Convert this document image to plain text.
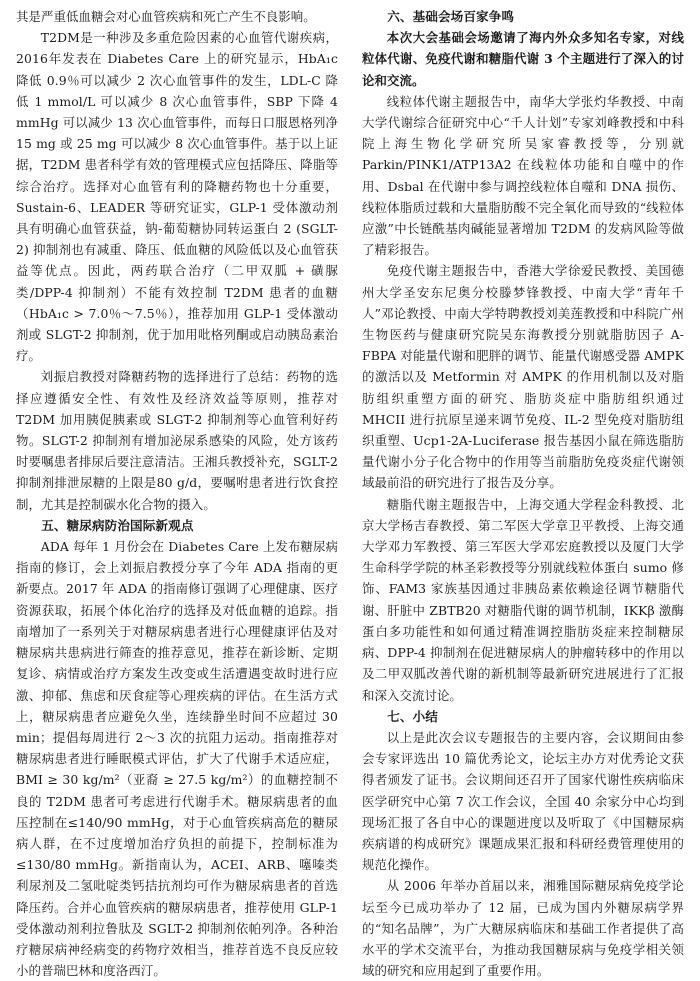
其是严重低血糖会对心血管疾病和死亡产生不良影响。

T2DM是一种涉及多重危险因素的心血管代谢疾病，2016年发表在 Diabetes Care 上的研究显示，HbA₁c 降低 0.9％可以减少 2 次心血管事件的发生，LDL-C 降低 1 mmol/L 可以减少 8 次心血管事件，SBP 下降 4 mmHg 可以减少 13 次心血管事件，而每日口服恩格列净 15 mg 或 25 mg 可以减少 8 次心血管事件。基于以上证据，T2DM 患者科学有效的管理模式应包括降压、降脂等综合治疗。选择对心血管有利的降糖药物也十分重要，Sustain-6、LEADER 等研究证实，GLP-1 受体激动剂具有明确心血管获益，钠-葡萄糖协同转运蛋白 2 (SGLT-2) 抑制剂也有减重、降压、低血糖的风险低以及心血管获益等优点。因此，两药联合治疗（二甲双胍 + 磺脲类/DPP-4 抑制剂）不能有效控制 T2DM 患者的血糖（HbA₁c > 7.0％～7.5％），推荐加用 GLP-1 受体激动剂或 SLGT-2 抑制剂，优于加用吡格列酮或启动胰岛素治疗。

刘振启教授对降糖药物的选择进行了总结：药物的选择应遵循安全性、有效性及经济效益等原则，推荐对 T2DM 加用胰促胰素或 SLGT-2 抑制剂等心血管利好药物。SLGT-2 抑制剂有增加泌尿系感染的风险，处方该药时要嘱患者排尿后要注意清洁。王湘兵教授补充，SGLT-2 抑制剂排泄尿糖的上限是80 g/d，要嘱咐患者进行饮食控制，尤其是控制碳水化合物的摄入。

五、糖尿病防治国际新观点

ADA 每年 1 月份会在 Diabetes Care 上发布糖尿病指南的修订，会上刘振启教授分享了今年 ADA 指南的更新要点。2017 年 ADA 的指南修订强调了心理健康、医疗资源获取，拓展个体化治疗的选择及对低血糖的追踪。指南增加了一系列关于对糖尿病患者进行心理健康评估及对糖尿病共患病进行筛查的推荐意见，推荐在新诊断、定期复诊、病情或治疗方案发生改变或生活遭遇变故时进行应激、抑郁、焦虑和厌食症等心理疾病的评估。在生活方式上，糖尿病患者应避免久坐，连续静坐时间不应超过 30 min；提倡每周进行 2～3 次的抗阻力运动。指南推荐对糖尿病患者进行睡眠模式评估，扩大了代谢手术适应症，BMI ≥ 30 kg/m²（亚裔 ≥ 27.5 kg/m²）的血糖控制不良的 T2DM 患者可考虑进行代谢手术。糖尿病患者的血压控制在≤140/90 mmHg，对于心血管疾病高危的糖尿病人群，在不过度增加治疗负担的前提下，控制标准为≤130/80 mmHg。新指南认为，ACEI、ARB、噻嗪类利尿剂及二氢吡啶类钙拮抗剂均可作为糖尿病患者的首选降压药。合并心血管疾病的糖尿病患者，推荐使用 GLP-1 受体激动剂利拉鲁肽及 SGLT-2 抑制剂依帕列净。各种治疗糖尿病神经病变的药物疗效相当，推荐首选不良反应较小的普瑞巴林和度洛西汀。

六、基础会场百家争鸣

本次大会基础会场邀请了海内外众多知名专家，对线粒体代谢、免疫代谢和糖脂代谢 3 个主题进行了深入的讨论和交流。

线粒体代谢主题报告中，南华大学张灼华教授、中南大学代谢综合征研究中心“千人计划”专家刘峰教授和中科院上海生物化学研究所吴家睿教授等，分别就 Parkin/PINK1/ATP13A2 在线粒体功能和自噬中的作用、Dsbal 在代谢中参与调控线粒体自噬和 DNA 损伤、线粒体脂质过载和大量脂肪酸不完全氧化而导致的“线粒体应激”中长链酰基肉碱能显著增加 T2DM 的发病风险等做了精彩报告。

免疫代谢主题报告中，香港大学徐爱民教授、美国德州大学圣安东尼奥分校滕梦锋教授、中南大学“青年千人”邓论教授、中南大学特聘教授刘美莲教授和中科院广州生物医药与健康研究院吴东海教授分别就脂肪因子 A-FBPA 对能量代谢和肥胖的调节、能量代谢感受器 AMPK 的激活以及 Metformin 对 AMPK 的作用机制以及对脂肪组织重塑方面的研究、脂肪炎症中脂肪组织通过 MHCII 进行抗原呈递来调节免疫、IL-2 型免疫对脂肪组织重塑、Ucp1-2A-Luciferase 报告基因小鼠在筛选脂肪量代谢小分子化合物中的作用等当前脂肪免疫炎症代谢领域最前沿的研究进行了报告及分享。

糖脂代谢主题报告中，上海交通大学程金科教授、北京大学杨吉春教授、第二军医大学章卫平教授、上海交通大学邓力军教授、第三军医大学邓宏庭教授以及厦门大学生命科学学院的林圣彩教授等分别就线粒体蛋白 sumo 修饰、FAM3 家族基因通过非胰岛素依赖途径调节糖脂代谢、肝脏中 ZBTB20 对糖脂代谢的调节机制，IKKβ 激酶蛋白多功能性和如何通过精准调控脂肪炎症来控制糖尿病、DPP-4 抑制剂在促进糖尿病人的肿瘤转移中的作用以及二甲双胍改善代谢的新机制等最新研究进展进行了汇报和深入交流讨论。

七、小结

以上是此次会议专题报告的主要内容，会议期间由参会专家评选出 10 篇优秀论文，论坛主办方对优秀论文获得者颁发了证书。会议期间还召开了国家代谢性疾病临床医学研究中心第 7 次工作会议，全国 40 余家分中心均到现场汇报了各自中心的课题进度以及听取了《中国糖尿病疾病谱的构成研究》课题成果汇报和科研经费管理使用的规范化操作。

从 2006 年举办首届以来，湘雅国际糖尿病免疫学论坛至今已成功举办了 12 届，已成为国内外糖尿病学界的“知名品牌”，为广大糖尿病临床和基础工作者提供了高水平的学术交流平台，为推动我国糖尿病与免疫学相关领域的研究和应用起到了重要作用。
